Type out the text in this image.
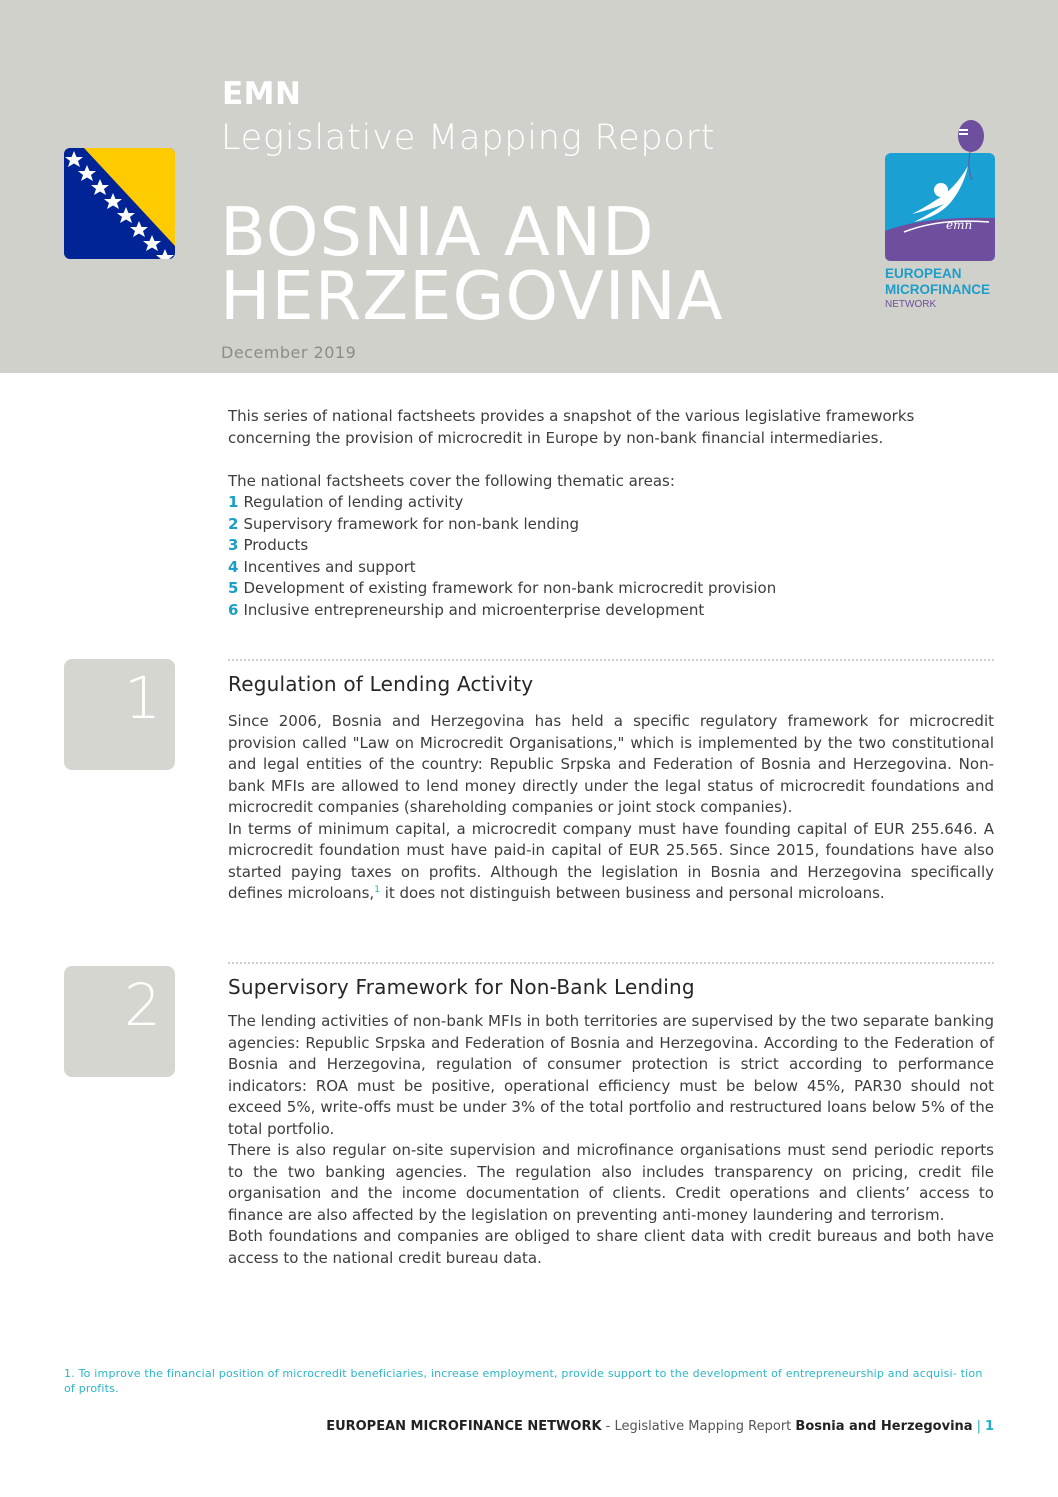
EMN
Legislative Mapping Report
BOSNIA AND
HERZEGOVINA
December 2019
emn
EUROPEAN
MICROFINANCE
NETWORK

This series of national factsheets provides a snapshot of the various legislative frameworks concerning the provision of microcredit in Europe by non-bank financial intermediaries.

The national factsheets cover the following thematic areas:
1 Regulation of lending activity
2 Supervisory framework for non-bank lending
3 Products
4 Incentives and support
5 Development of existing framework for non-bank microcredit provision
6 Inclusive entrepreneurship and microenterprise development
1	Regulation of Lending Activity
Since 2006, Bosnia and Herzegovina has held a specific regulatory framework for microcredit provision called "Law on Microcredit Organisations," which is implemented by the two constitutional and legal entities of the country: Republic Srpska and Federation of Bosnia and Herzegovina. Non-bank MFIs are allowed to lend money directly under the legal status of microcredit foundations and microcredit companies (shareholding companies or joint stock companies).
In terms of minimum capital, a microcredit company must have founding capital of EUR 255.646. A microcredit foundation must have paid-in capital of EUR 25.565. Since 2015, foundations have also started paying taxes on profits. Although the legislation in Bosnia and Herzegovina specifically defines microloans,$^1$ it does not distinguish between business and personal microloans.
2	Supervisory Framework for Non-Bank Lending
The lending activities of non-bank MFIs in both territories are supervised by the two separate banking agencies: Republic Srpska and Federation of Bosnia and Herzegovina. According to the Federation of Bosnia and Herzegovina, regulation of consumer protection is strict according to performance indicators: ROA must be positive, operational efficiency must be below 45%, PAR30 should not exceed 5%, write-offs must be under 3% of the total portfolio and restructured loans below 5% of the total portfolio.
There is also regular on-site supervision and microfinance organisations must send periodic reports to the two banking agencies. The regulation also includes transparency on pricing, credit file organisation and the income documentation of clients. Credit operations and clients’ access to finance are also affected by the legislation on preventing anti-money laundering and terrorism.
Both foundations and companies are obliged to share client data with credit bureaus and both have access to the national credit bureau data.
1. To improve the financial position of microcredit beneficiaries, increase employment, provide support to the development of entrepreneurship and acquisi- tion of profits.
EUROPEAN MICROFINANCE NETWORK - Legislative Mapping Report Bosnia and Herzegovina | 1
